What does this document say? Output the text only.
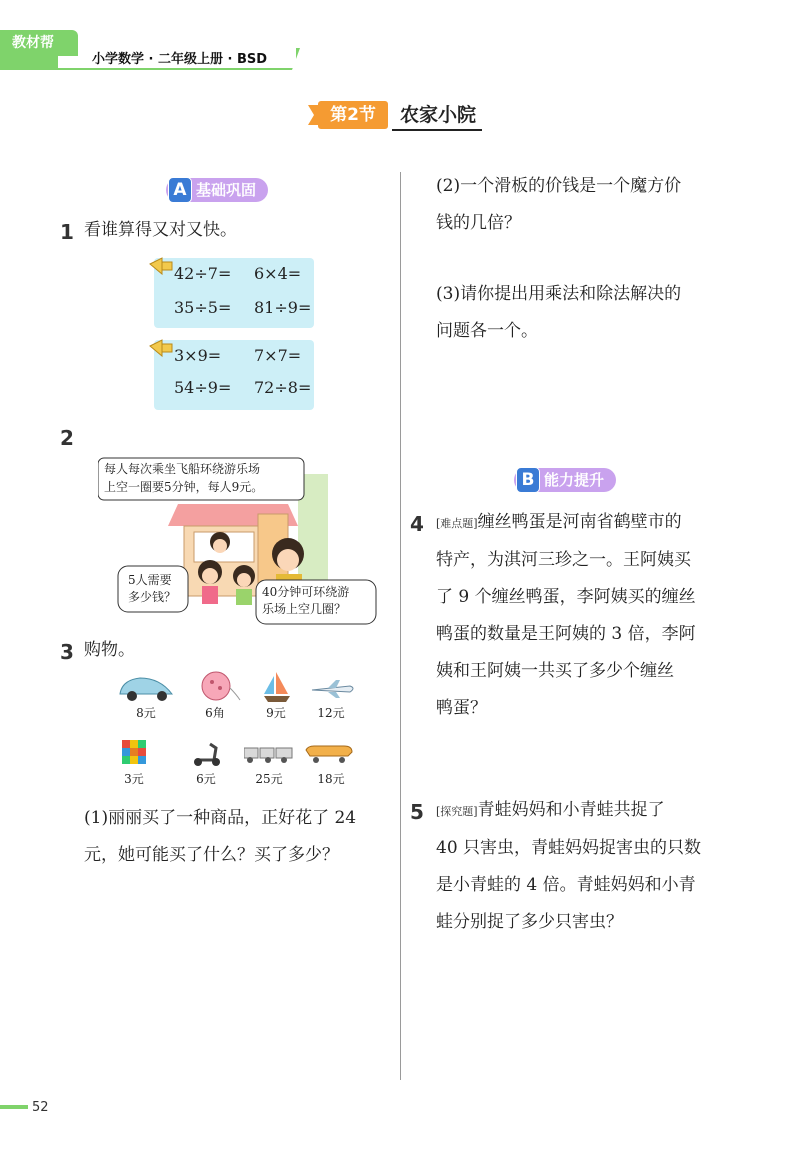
教材帮
小学数学 · 二年级上册 · BSD
第2节	农家小院
A 基础巩固
1 看谁算得又对又快。
42÷7= 6×4=
35÷5= 81÷9=
3×9= 7×7=
54÷9= 72÷8=
2
每人每次乘坐飞船环绕游乐场
上空一圈要5分钟，每人9元。
5人需要
多少钱？	40分钟可环绕游
乐场上空几圈？
3 购物。
8元	6角	9元	12元
3元	6元	25元	18元
(1)丽丽买了一种商品，正好花了 24
元，她可能买了什么？买了多少？
(2)一个滑板的价钱是一个魔方价
钱的几倍？
(3)请你提出用乘法和除法解决的
问题各一个。
B 能力提升
4 [难点题]缠丝鸭蛋是河南省鹤壁市的
特产，为淇河三珍之一。王阿姨买
了 9 个缠丝鸭蛋，李阿姨买的缠丝
鸭蛋的数量是王阿姨的 3 倍，李阿
姨和王阿姨一共买了多少个缠丝
鸭蛋？
5 [探究题]青蛙妈妈和小青蛙共捉了
40 只害虫，青蛙妈妈捉害虫的只数
是小青蛙的 4 倍。青蛙妈妈和小青
蛙分别捉了多少只害虫？
52
